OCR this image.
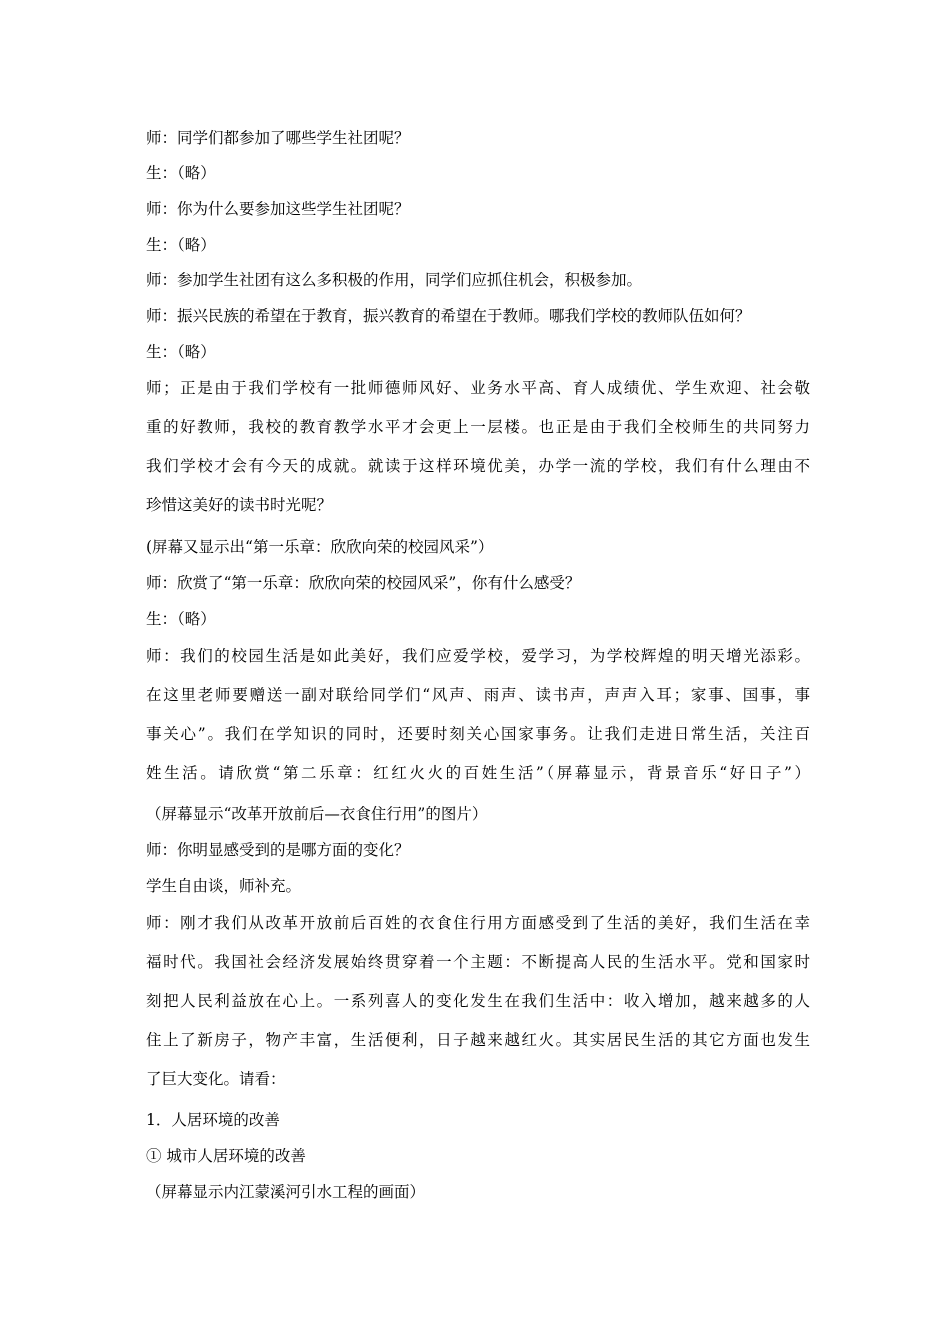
师：同学们都参加了哪些学生社团呢？
生：（略）
师：你为什么要参加这些学生社团呢？
生：（略）
师：参加学生社团有这么多积极的作用，同学们应抓住机会，积极参加。
师：振兴民族的希望在于教育，振兴教育的希望在于教师。哪我们学校的教师队伍如何？
生：（略）
师；正是由于我们学校有一批师德师风好、业务水平高、育人成绩优、学生欢迎、社会敬
重的好教师，我校的教育教学水平才会更上一层楼。也正是由于我们全校师生的共同努力
我们学校才会有今天的成就。就读于这样环境优美，办学一流的学校，我们有什么理由不
珍惜这美好的读书时光呢？
(屏幕又显示出“第一乐章：欣欣向荣的校园风采”）
师：欣赏了“第一乐章：欣欣向荣的校园风采”，你有什么感受？
生：（略）
师：我们的校园生活是如此美好，我们应爱学校，爱学习，为学校辉煌的明天增光添彩。
在这里老师要赠送一副对联给同学们“风声、雨声、读书声，声声入耳；家事、国事，事
事关心”。我们在学知识的同时，还要时刻关心国家事务。让我们走进日常生活，关注百
姓生活。请欣赏“第二乐章：红红火火的百姓生活”（屏幕显示，背景音乐“好日子”）
（屏幕显示“改革开放前后—衣食住行用”的图片）
师：你明显感受到的是哪方面的变化？
学生自由谈，师补充。
师：刚才我们从改革开放前后百姓的衣食住行用方面感受到了生活的美好，我们生活在幸
福时代。我国社会经济发展始终贯穿着一个主题：不断提高人民的生活水平。党和国家时
刻把人民利益放在心上。一系列喜人的变化发生在我们生活中：收入增加，越来越多的人
住上了新房子，物产丰富，生活便利，日子越来越红火。其实居民生活的其它方面也发生
了巨大变化。请看：
1．人居环境的改善
① 城市人居环境的改善
（屏幕显示内江蒙溪河引水工程的画面）
